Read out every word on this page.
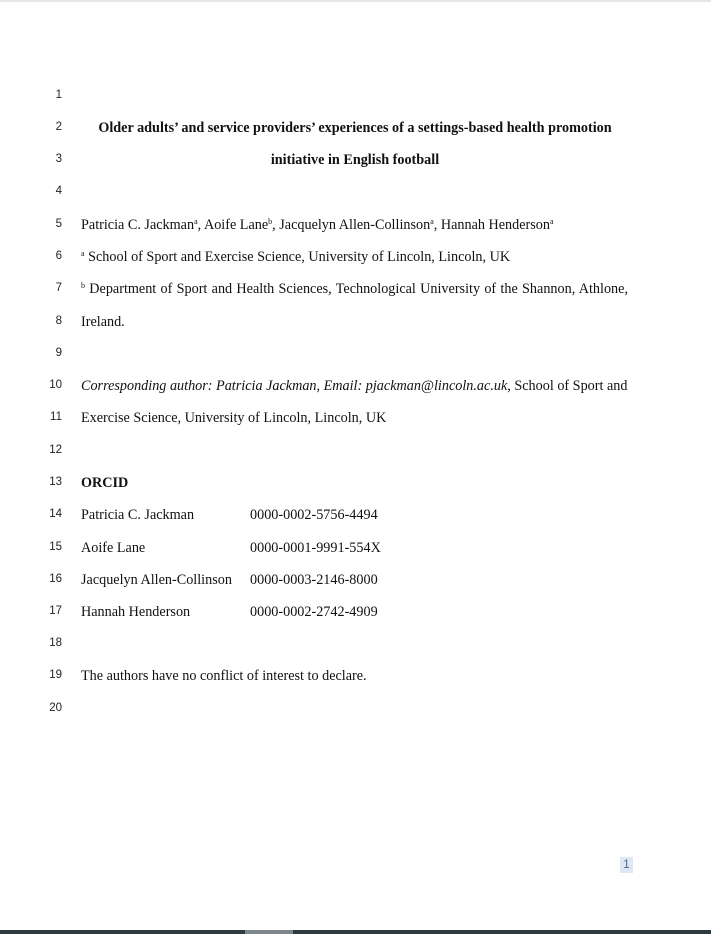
1
2
3
4
5
6
7
8
9
10
11
12
13
14
15
16
17
18
19
20
Older adults’ and service providers’ experiences of a settings-based health promotion
initiative in English football
Patricia C. Jackman$^a$, Aoife Lane$^b$, Jacquelyn Allen-Collinson$^a$, Hannah Henderson$^a$
$^a$ School of Sport and Exercise Science, University of Lincoln, Lincoln, UK
$^b$ Department of Sport and Health Sciences, Technological University of the Shannon, Athlone,
Ireland.
Corresponding author: Patricia Jackman, Email: pjackman@lincoln.ac.uk, School of Sport and
Exercise Science, University of Lincoln, Lincoln, UK
ORCID
Patricia C. Jackman	0000-0002-5756-4494
Aoife Lane	0000-0001-9991-554X
Jacquelyn Allen-Collinson 0000-0003-2146-8000
Hannah Henderson	0000-0002-2742-4909
The authors have no conflict of interest to declare.
1
